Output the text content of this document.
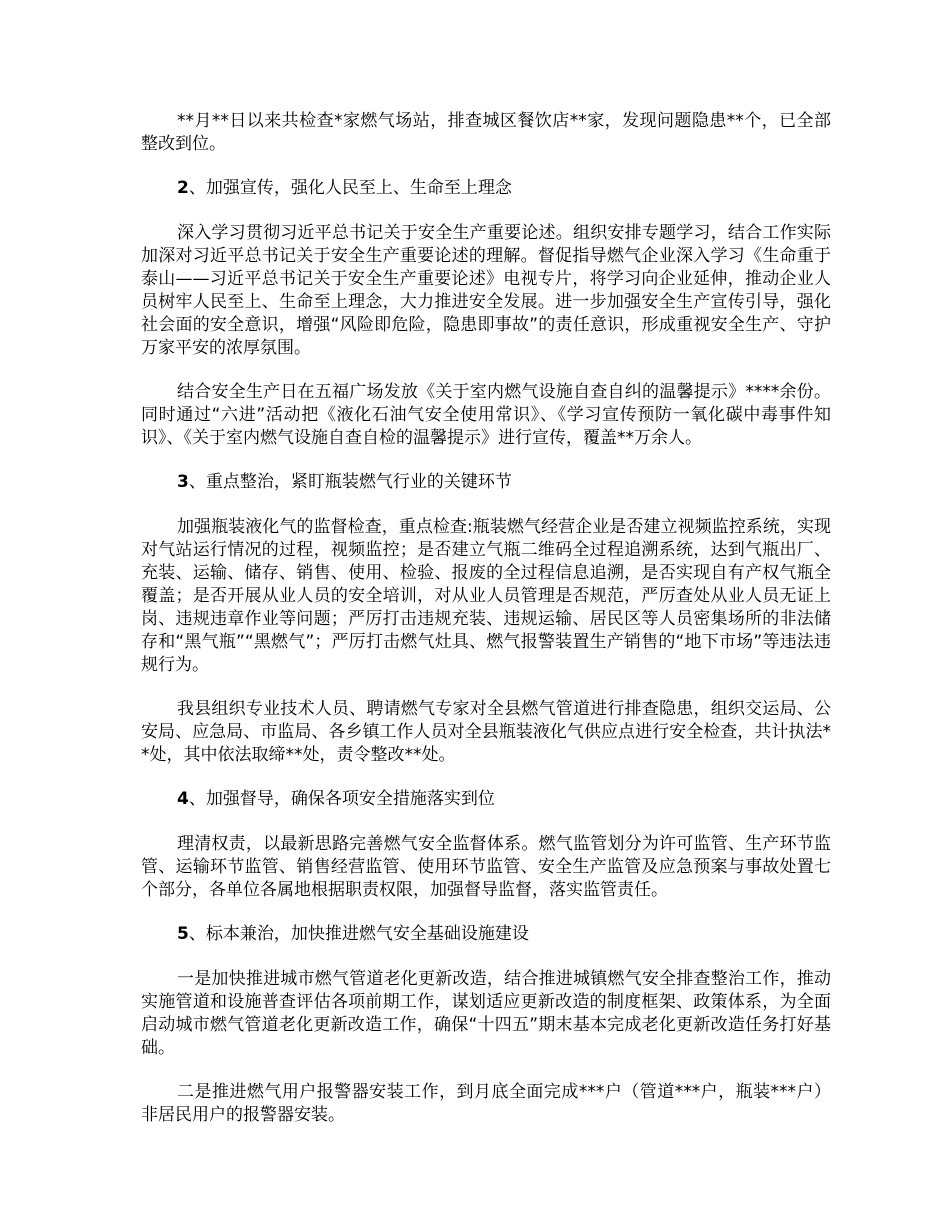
**月**日以来共检查*家燃气场站，排查城区餐饮店**家，发现问题隐患**个，已全部整改到位。

2、加强宣传，强化人民至上、生命至上理念

深入学习贯彻习近平总书记关于安全生产重要论述。组织安排专题学习，结合工作实际加深对习近平总书记关于安全生产重要论述的理解。督促指导燃气企业深入学习《生命重于泰山——习近平总书记关于安全生产重要论述》电视专片，将学习向企业延伸，推动企业人员树牢人民至上、生命至上理念，大力推进安全发展。进一步加强安全生产宣传引导，强化社会面的安全意识，增强“风险即危险，隐患即事故”的责任意识，形成重视安全生产、守护万家平安的浓厚氛围。

结合安全生产日在五福广场发放《关于室内燃气设施自查自纠的温馨提示》****余份。同时通过“六进”活动把《液化石油气安全使用常识》、《学习宣传预防一氧化碳中毒事件知识》、《关于室内燃气设施自查自检的温馨提示》进行宣传，覆盖**万余人。

3、重点整治，紧盯瓶装燃气行业的关键环节

加强瓶装液化气的监督检查，重点检查:瓶装燃气经营企业是否建立视频监控系统，实现对气站运行情况的过程，视频监控；是否建立气瓶二维码全过程追溯系统，达到气瓶出厂、充装、运输、储存、销售、使用、检验、报废的全过程信息追溯，是否实现自有产权气瓶全覆盖；是否开展从业人员的安全培训，对从业人员管理是否规范，严厉查处从业人员无证上岗、违规违章作业等问题；严厉打击违规充装、违规运输、居民区等人员密集场所的非法储存和“黑气瓶”“黑燃气”；严厉打击燃气灶具、燃气报警装置生产销售的“地下市场”等违法违规行为。

我县组织专业技术人员、聘请燃气专家对全县燃气管道进行排查隐患，组织交运局、公安局、应急局、市监局、各乡镇工作人员对全县瓶装液化气供应点进行安全检查，共计执法**处，其中依法取缔**处，责令整改**处。

4、加强督导，确保各项安全措施落实到位

理清权责，以最新思路完善燃气安全监督体系。燃气监管划分为许可监管、生产环节监管、运输环节监管、销售经营监管、使用环节监管、安全生产监管及应急预案与事故处置七个部分，各单位各属地根据职责权限，加强督导监督，落实监管责任。

5、标本兼治，加快推进燃气安全基础设施建设

一是加快推进城市燃气管道老化更新改造，结合推进城镇燃气安全排查整治工作，推动实施管道和设施普查评估各项前期工作，谋划适应更新改造的制度框架、政策体系，为全面启动城市燃气管道老化更新改造工作，确保“十四五”期末基本完成老化更新改造任务打好基础。

二是推进燃气用户报警器安装工作，到月底全面完成***户（管道***户，瓶装***户）非居民用户的报警器安装。
